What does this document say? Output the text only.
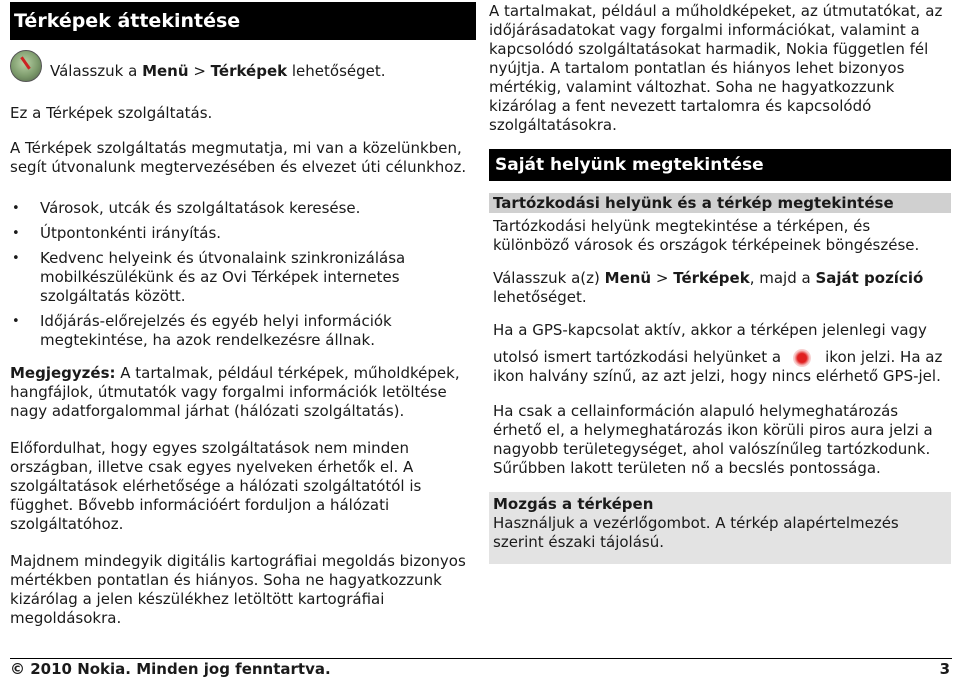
Térképek áttekintése

Válasszuk a Menü > Térképek lehetőséget.

Ez a Térképek szolgáltatás.

A Térképek szolgáltatás megmutatja, mi van a közelünkben, segít útvonalunk megtervezésében és elvezet úti célunkhoz.

• Városok, utcák és szolgáltatások keresése.
• Útpontonkénti irányítás.
• Kedvenc helyeink és útvonalaink szinkronizálása mobilkészülékünk és az Ovi Térképek internetes szolgáltatás között.
• Időjárás-előrejelzés és egyéb helyi információk megtekintése, ha azok rendelkezésre állnak.

Megjegyzés: A tartalmak, például térképek, műholdképek, hangfájlok, útmutatók vagy forgalmi információk letöltése nagy adatforgalommal járhat (hálózati szolgáltatás).

Előfordulhat, hogy egyes szolgáltatások nem minden országban, illetve csak egyes nyelveken érhetők el. A szolgáltatások elérhetősége a hálózati szolgáltatótól is függhet. Bővebb információért forduljon a hálózati szolgáltatóhoz.

Majdnem mindegyik digitális kartográfiai megoldás bizonyos mértékben pontatlan és hiányos. Soha ne hagyatkozzunk kizárólag a jelen készülékhez letöltött kartográfiai megoldásokra.

A tartalmakat, például a műholdképeket, az útmutatókat, az időjárásadatokat vagy forgalmi információkat, valamint a kapcsolódó szolgáltatásokat harmadik, Nokia független fél nyújtja. A tartalom pontatlan és hiányos lehet bizonyos mértékig, valamint változhat. Soha ne hagyatkozzunk kizárólag a fent nevezett tartalomra és kapcsolódó szolgáltatásokra.

Saját helyünk megtekintése
Tartózkodási helyünk és a térkép megtekintése

Tartózkodási helyünk megtekintése a térképen, és különböző városok és országok térképeinek böngészése.

Válasszuk a(z) Menü > Térképek, majd a Saját pozíció lehetőséget.

Ha a GPS-kapcsolat aktív, akkor a térképen jelenlegi vagy

utolsó ismert tartózkodási helyünket a	ikon jelzi. Ha az

ikon halvány színű, az azt jelzi, hogy nincs elérhető GPS-jel.

Ha csak a cellainformáción alapuló helymeghatározás érhető el, a helymeghatározás ikon körüli piros aura jelzi a nagyobb területegységet, ahol valószínűleg tartózkodunk. Sűrűbben lakott területen nő a becslés pontossága.

Mozgás a térképen

Használjuk a vezérlőgombot. A térkép alapértelmezés szerint északi tájolású.

© 2010 Nokia. Minden jog fenntartva.	3
